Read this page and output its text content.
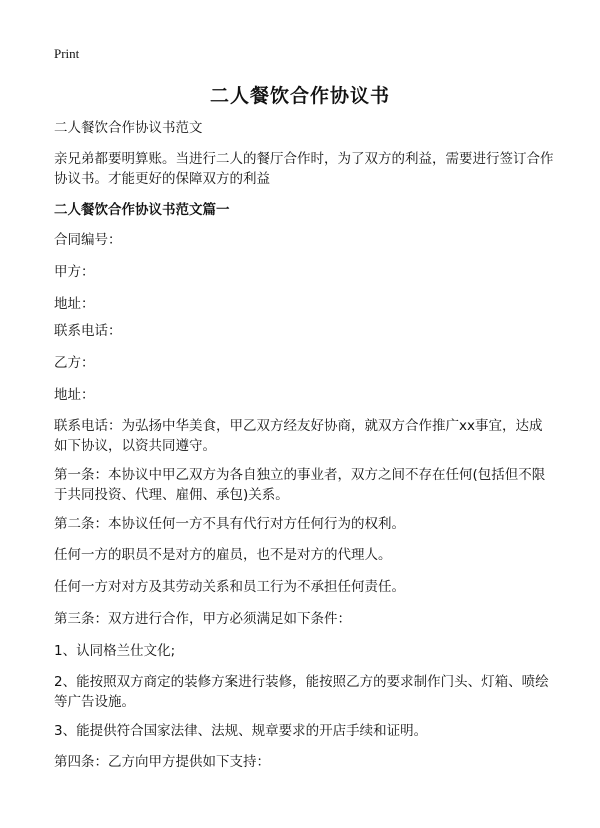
Print
二人餐饮合作协议书

二人餐饮合作协议书范文

亲兄弟都要明算账。当进行二人的餐厅合作时，为了双方的利益，需要进行签订合作协议书。才能更好的保障双方的利益

二人餐饮合作协议书范文篇一

合同编号：

甲方：

地址：

联系电话：

乙方：

地址：

联系电话：为弘扬中华美食，甲乙双方经友好协商，就双方合作推广xx事宜，达成如下协议，以资共同遵守。

第一条：本协议中甲乙双方为各自独立的事业者，双方之间不存在任何(包括但不限于共同投资、代理、雇佣、承包)关系。

第二条：本协议任何一方不具有代行对方任何行为的权利。

任何一方的职员不是对方的雇员，也不是对方的代理人。

任何一方对对方及其劳动关系和员工行为不承担任何责任。

第三条：双方进行合作，甲方必须满足如下条件：

1、认同格兰仕文化;

2、能按照双方商定的装修方案进行装修，能按照乙方的要求制作门头、灯箱、喷绘等广告设施。

3、能提供符合国家法律、法规、规章要求的开店手续和证明。

第四条：乙方向甲方提供如下支持：
